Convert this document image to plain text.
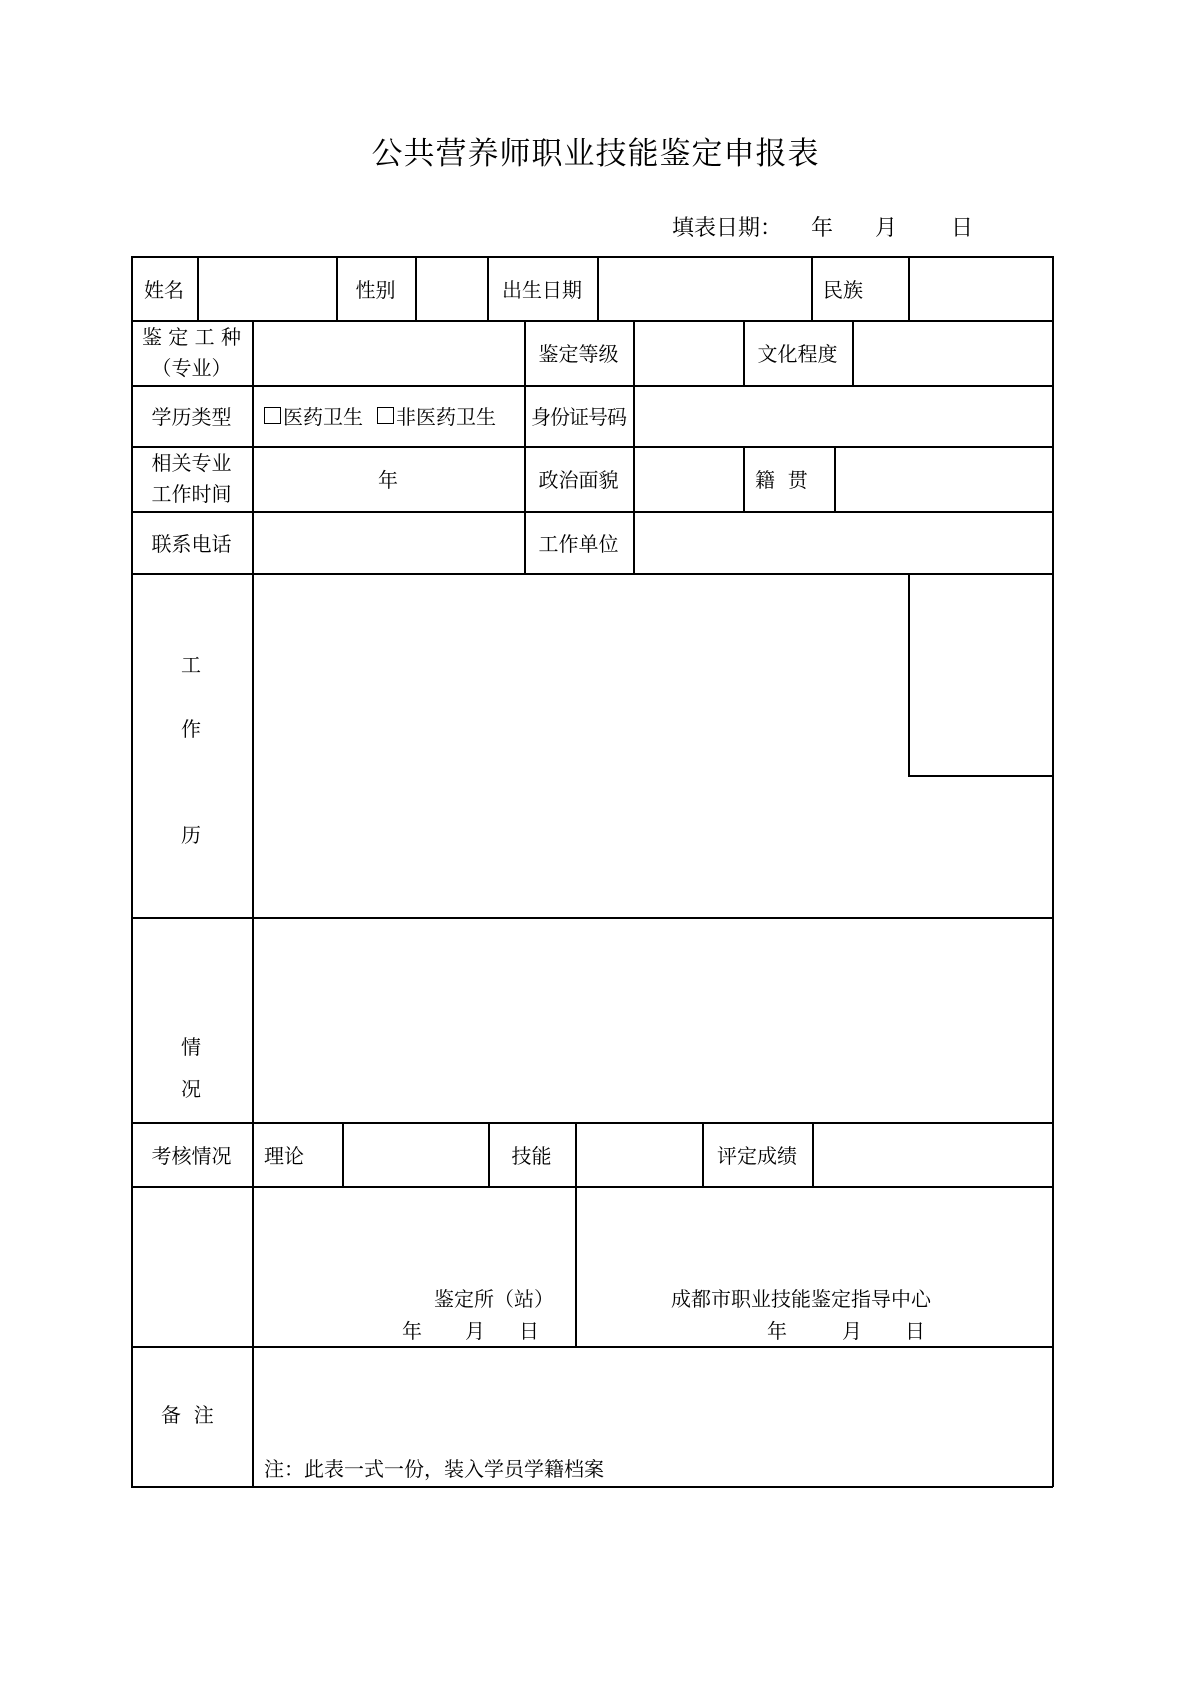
公共营养师职业技能鉴定申报表
填表日期： 年 月 日
姓名	性别	出生日期	民族
鉴 定 工 种
（专业）
鉴定等级	文化程度
学历类型	医药卫生 非医药卫生	身份证号码
相关专业
工作时间
年	政治面貌	籍  贯
联系电话	工作单位
工
作
历
情
况
考核情况	理论	技能	评定成绩
鉴定所（站）
年 月 日
成都市职业技能鉴定指导中心
年	月 日
备  注
注：此表一式一份，装入学员学籍档案
